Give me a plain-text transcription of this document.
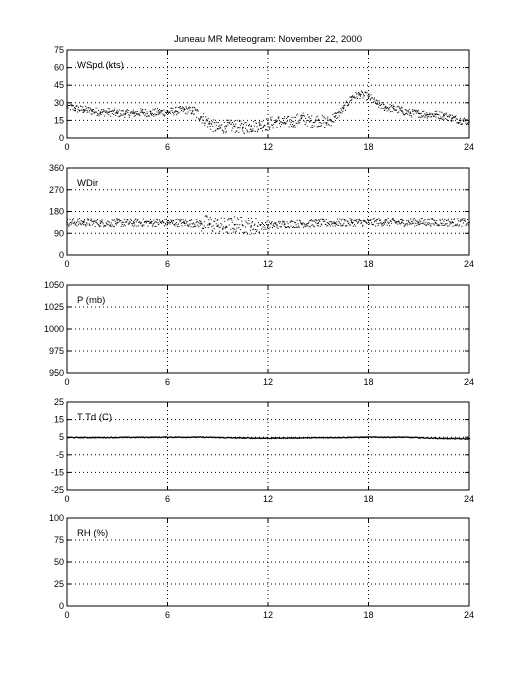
Juneau MR Meteogram: November 22, 2000
0	6	12	18	24
0
15
30
45
60
75
WSpd (kts)
0	6	12	18	24
0
90
180
270
360
WDir
0	6	12	18	24
950
975
1000
1025
1050
P (mb)
0	6	12	18	24
-25
-15
-5
5
15
25
T Td (C)
0	6	12	18	24
0
25
50
75
100
RH (%)
